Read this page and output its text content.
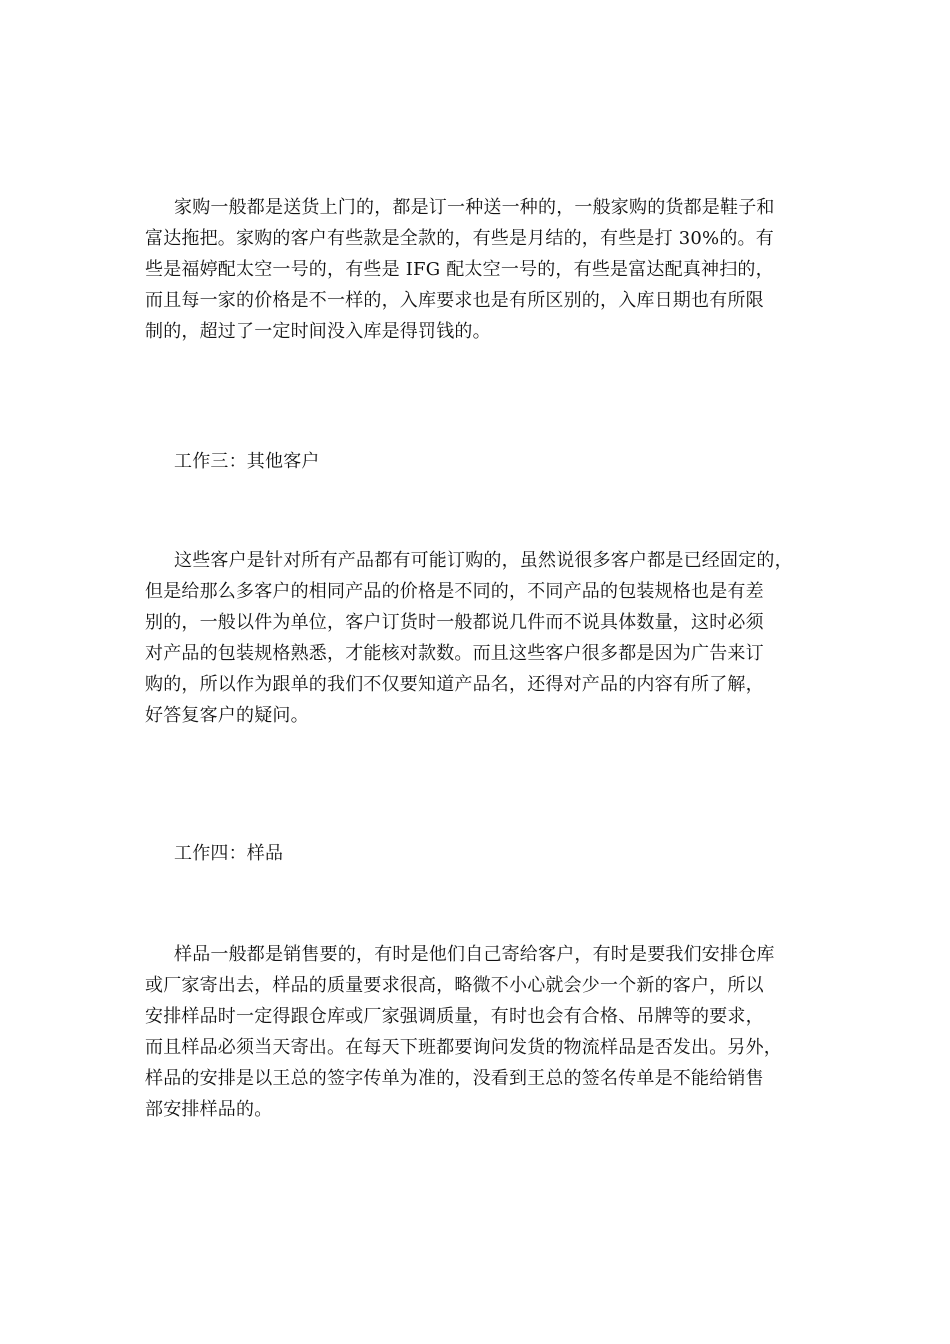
家购一般都是送货上门的，都是订一种送一种的，一般家购的货都是鞋子和
富达拖把。家购的客户有些款是全款的，有些是月结的，有些是打 30%的。有
些是福婷配太空一号的，有些是 IFG 配太空一号的，有些是富达配真神扫的，
而且每一家的价格是不一样的，入库要求也是有所区别的，入库日期也有所限
制的，超过了一定时间没入库是得罚钱的。
工作三：其他客户
这些客户是针对所有产品都有可能订购的，虽然说很多客户都是已经固定的，
但是给那么多客户的相同产品的价格是不同的，不同产品的包装规格也是有差
别的，一般以件为单位，客户订货时一般都说几件而不说具体数量，这时必须
对产品的包装规格熟悉，才能核对款数。而且这些客户很多都是因为广告来订
购的，所以作为跟单的我们不仅要知道产品名，还得对产品的内容有所了解，
好答复客户的疑问。
工作四：样品
样品一般都是销售要的，有时是他们自己寄给客户，有时是要我们安排仓库
或厂家寄出去，样品的质量要求很高，略微不小心就会少一个新的客户，所以
安排样品时一定得跟仓库或厂家强调质量，有时也会有合格、吊牌等的要求，
而且样品必须当天寄出。在每天下班都要询问发货的物流样品是否发出。另外，
样品的安排是以王总的签字传单为准的，没看到王总的签名传单是不能给销售
部安排样品的。
